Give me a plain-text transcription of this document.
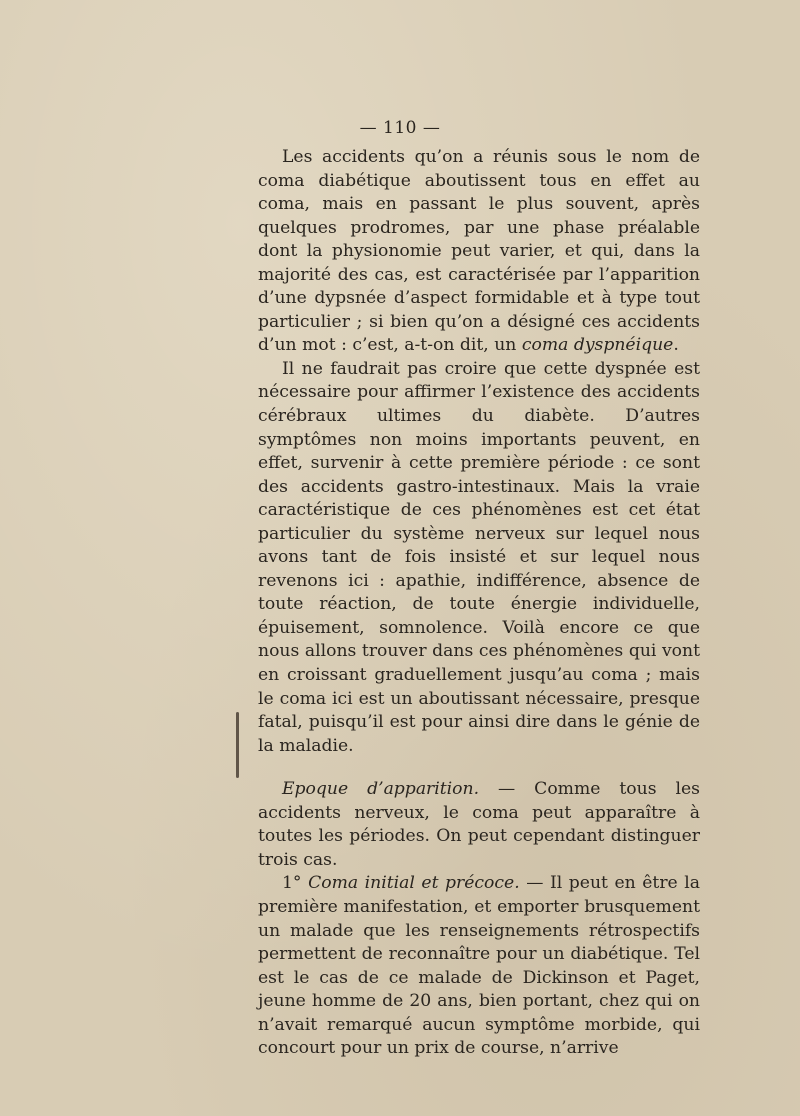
— 110 —

Les accidents qu’on a réunis sous le nom de coma diabétique aboutissent tous en effet au coma, mais en passant le plus souvent, après quelques prodromes, par une phase préalable dont la physionomie peut varier, et qui, dans la majorité des cas, est caractérisée par l’apparition d’une dypsnée d’aspect formidable et à type tout particulier ; si bien qu’on a désigné ces accidents d’un mot : c’est, a-t-on dit, un coma dyspnéique.

Il ne faudrait pas croire que cette dyspnée est nécessaire pour affirmer l’existence des accidents cérébraux ultimes du diabète. D’autres symptômes non moins importants peuvent, en effet, survenir à cette première période : ce sont des accidents gastro-intestinaux. Mais la vraie caractéristique de ces phénomènes est cet état particulier du système nerveux sur lequel nous avons tant de fois insisté et sur lequel nous revenons ici : apathie, indifférence, absence de toute réaction, de toute énergie individuelle, épuisement, somnolence. Voilà encore ce que nous allons trouver dans ces phénomènes qui vont en croissant graduellement jusqu’au coma ; mais le coma ici est un aboutissant nécessaire, presque fatal, puisqu’il est pour ainsi dire dans le génie de la maladie.

Epoque d’apparition. — Comme tous les accidents nerveux, le coma peut apparaître à toutes les périodes. On peut cependant distinguer trois cas.

1° Coma initial et précoce. — Il peut en être la première manifestation, et emporter brusquement un malade que les renseignements rétrospectifs permettent de reconnaître pour un diabétique. Tel est le cas de ce malade de Dickinson et Paget, jeune homme de 20 ans, bien portant, chez qui on n’avait remarqué aucun symptôme morbide, qui concourt pour un prix de course, n’arrive
